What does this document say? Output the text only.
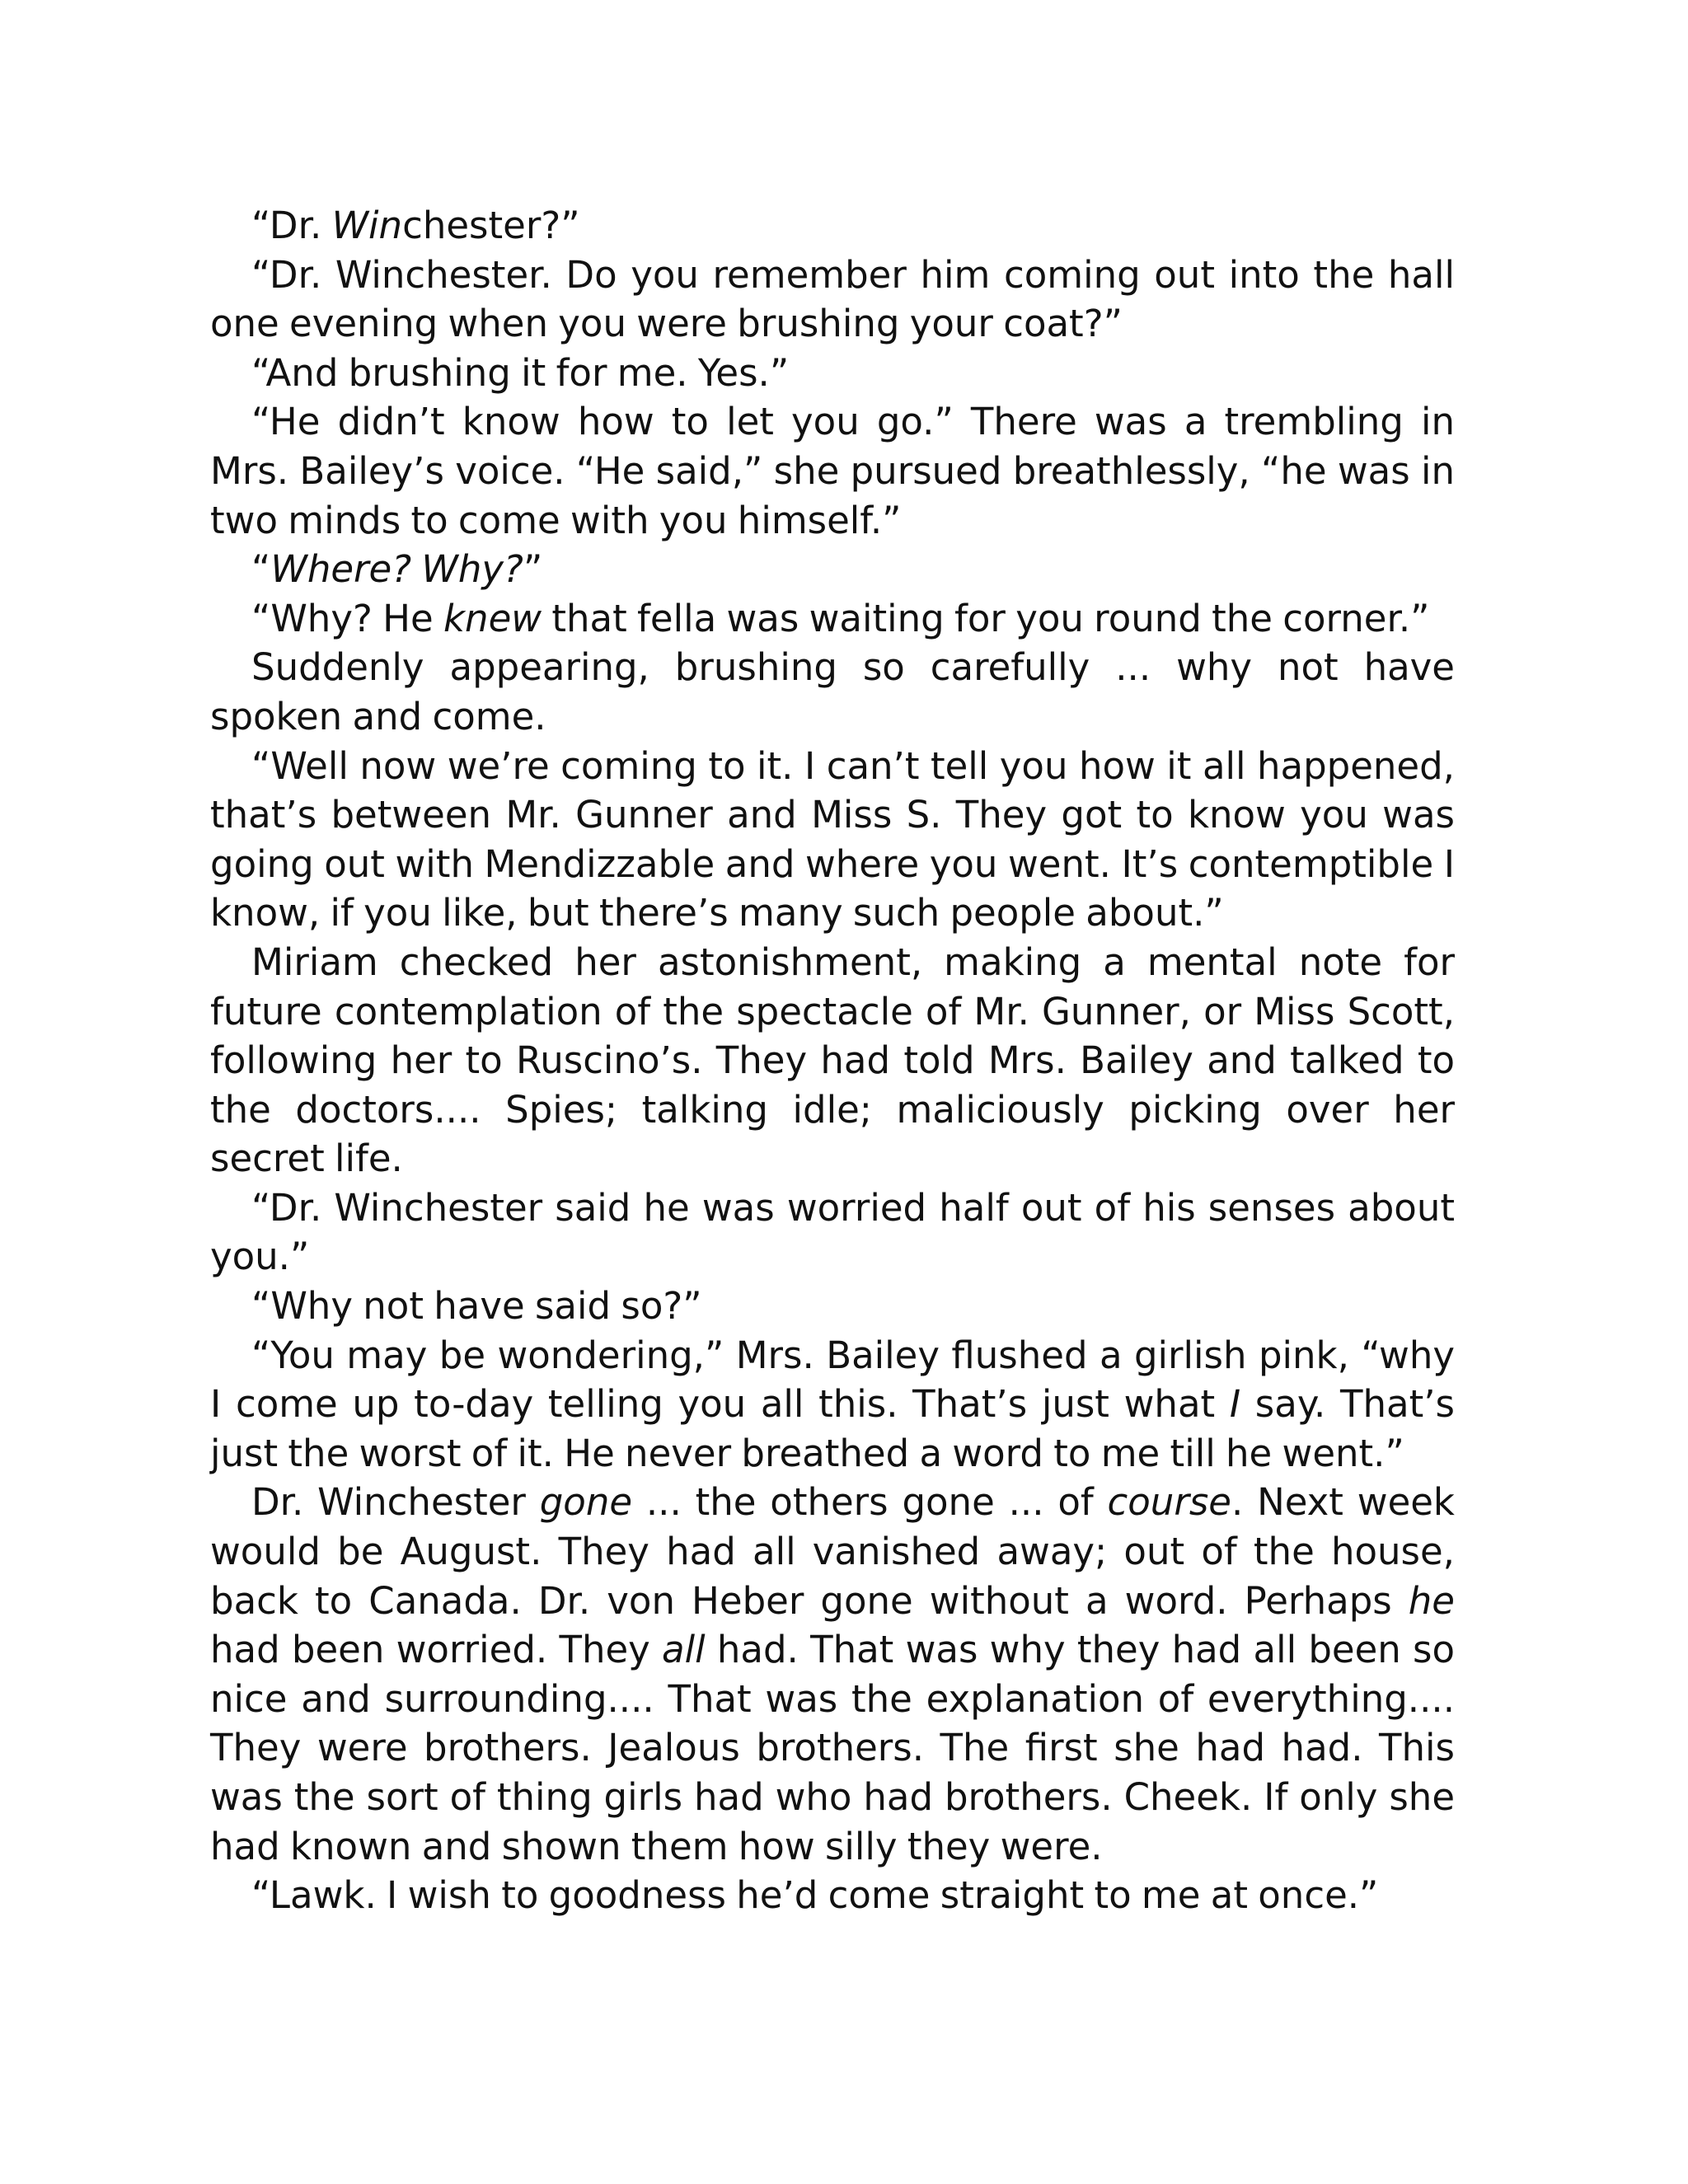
“Dr. Winchester?”

“Dr. Winchester. Do you remember him coming out into the hall one evening when you were brushing your coat?”

“And brushing it for me. Yes.”

“He didn’t know how to let you go.” There was a trembling in Mrs. Bailey’s voice. “He said,” she pursued breathlessly, “he was in two minds to come with you himself.”

“Where? Why?”

“Why? He knew that fella was waiting for you round the corner.”

Suddenly appearing, brushing so carefully ... why not have spoken and come.

“Well now we’re coming to it. I can’t tell you how it all happened, that’s between Mr. Gunner and Miss S. They got to know you was going out with Mendizzable and where you went. It’s contemptible I know, if you like, but there’s many such people about.”

Miriam checked her astonishment, making a mental note for future contemplation of the spectacle of Mr. Gunner, or Miss Scott, following her to Ruscino’s. They had told Mrs. Bailey and talked to the doctors.... Spies; talking idle; maliciously picking over her secret life.

“Dr. Winchester said he was worried half out of his senses about you.”

“Why not have said so?”

“You may be wondering,” Mrs. Bailey flushed a girlish pink, “why I come up to-day telling you all this. That’s just what I say. That’s just the worst of it. He never breathed a word to me till he went.”

Dr. Winchester gone ... the others gone ... of course. Next week would be August. They had all vanished away; out of the house, back to Canada. Dr. von Heber gone without a word. Perhaps he had been worried. They all had. That was why they had all been so nice and surrounding.... That was the explanation of everything.... They were brothers. Jealous brothers. The first she had had. This was the sort of thing girls had who had brothers. Cheek. If only she had known and shown them how silly they were.

“Lawk. I wish to goodness he’d come straight to me at once.”
